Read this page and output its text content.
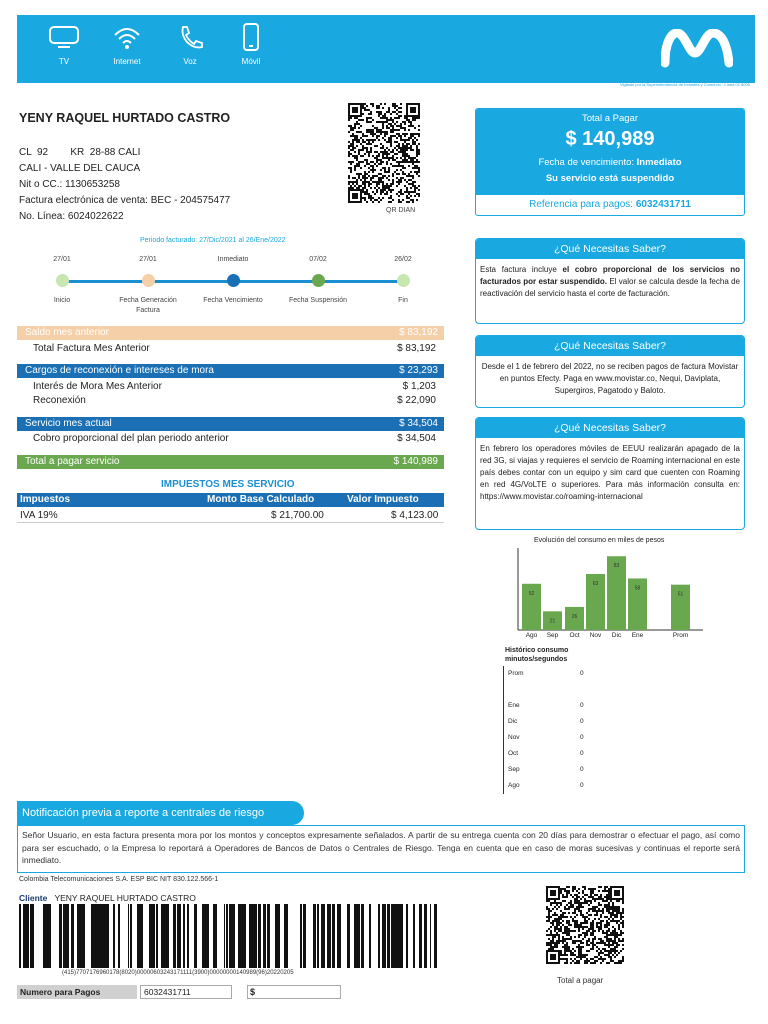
TV	Internet	Voz	Móvil
Vigilado por la Superintendencia de Industria y Comercio · Línea 01 8000
YENY RAQUEL HURTADO CASTRO
CL  92        KR  28-88 CALI
CALI - VALLE DEL CAUCA
Nit o CC.: 1130653258
Factura electrónica de venta: BEC - 204575477
No. Línea: 6024022622
QR DIAN
Total a Pagar
$ 140,989
Fecha de vencimiento: Inmediato
Su servicio está suspendido
Referencia para pagos: 6032431711
Periodo facturado: 27/Dic/2021 al 26/Ene/2022
27/01
Inicio
27/01
Fecha Generación Factura
Inmediato
Fecha Vencimiento
07/02
Fecha Suspensión
26/02
Fin
Saldo mes anterior	$ 83,192
Total Factura Mes Anterior	$ 83,192
Cargos de reconexión e intereses de mora	$ 23,293
Interés de Mora Mes Anterior	$ 1,203
Reconexión	$ 22,090
Servicio mes actual	$ 34,504
Cobro proporcional del plan periodo anterior	$ 34,504
Total a pagar servicio	$ 140,989
IMPUESTOS MES SERVICIO
Impuestos	Monto Base Calculado	Valor Impuesto
IVA 19%	$ 21,700.00	$ 4,123.00
¿Qué Necesitas Saber?
Esta factura incluye el cobro proporcional de los servicios no facturados por estar suspendido. El valor se calcula desde la fecha de reactivación del servicio hasta el corte de facturación.
¿Qué Necesitas Saber?
Desde el 1 de febrero del 2022, no se reciben pagos de factura Movistar en puntos Efecty. Paga en www.movistar.co, Nequi, Daviplata, Supergiros, Pagatodo y Baloto.
¿Qué Necesitas Saber?
En febrero los operadores móviles de EEUU realizarán apagado de la red 3G, si viajas y requieres el servicio de Roaming internacional en este país debes contar con un equipo y sim card que cuenten con Roaming en red 4G/VoLTE o superiores. Para más información consulta en: https://www.movistar.co/roaming-internacional
Evolución del consumo en miles de pesos
52
Ago
21
Sep
26
Oct
63
Nov
83
Dic
58
Ene
51
Prom
Histórico consumo
minutos/segundos
Prom	0
Ene	0
Dic	0
Nov	0
Oct	0
Sep	0
Ago	0
Notificación previa a reporte a centrales de riesgo
Señor Usuario, en esta factura presenta mora por los montos y conceptos expresamente señalados. A partir de su entrega cuenta con 20 días para demostrar o efectuar el pago, así como para ser escuchado, o la Empresa lo reportará a Operadores de Bancos de Datos o Centrales de Riesgo. Tenga en cuenta que en caso de moras sucesivas y continuas el reporte será inmediato.
Colombia Telecomunicaciones S.A. ESP BIC NIT 830.122.566-1
Cliente YENY RAQUEL HURTADO CASTRO
(415)7707176960178(8020)00000603243171111(3900)00000000140989(96)20220205
Numero para Pagos	6032431711	$
Total a pagar
·
